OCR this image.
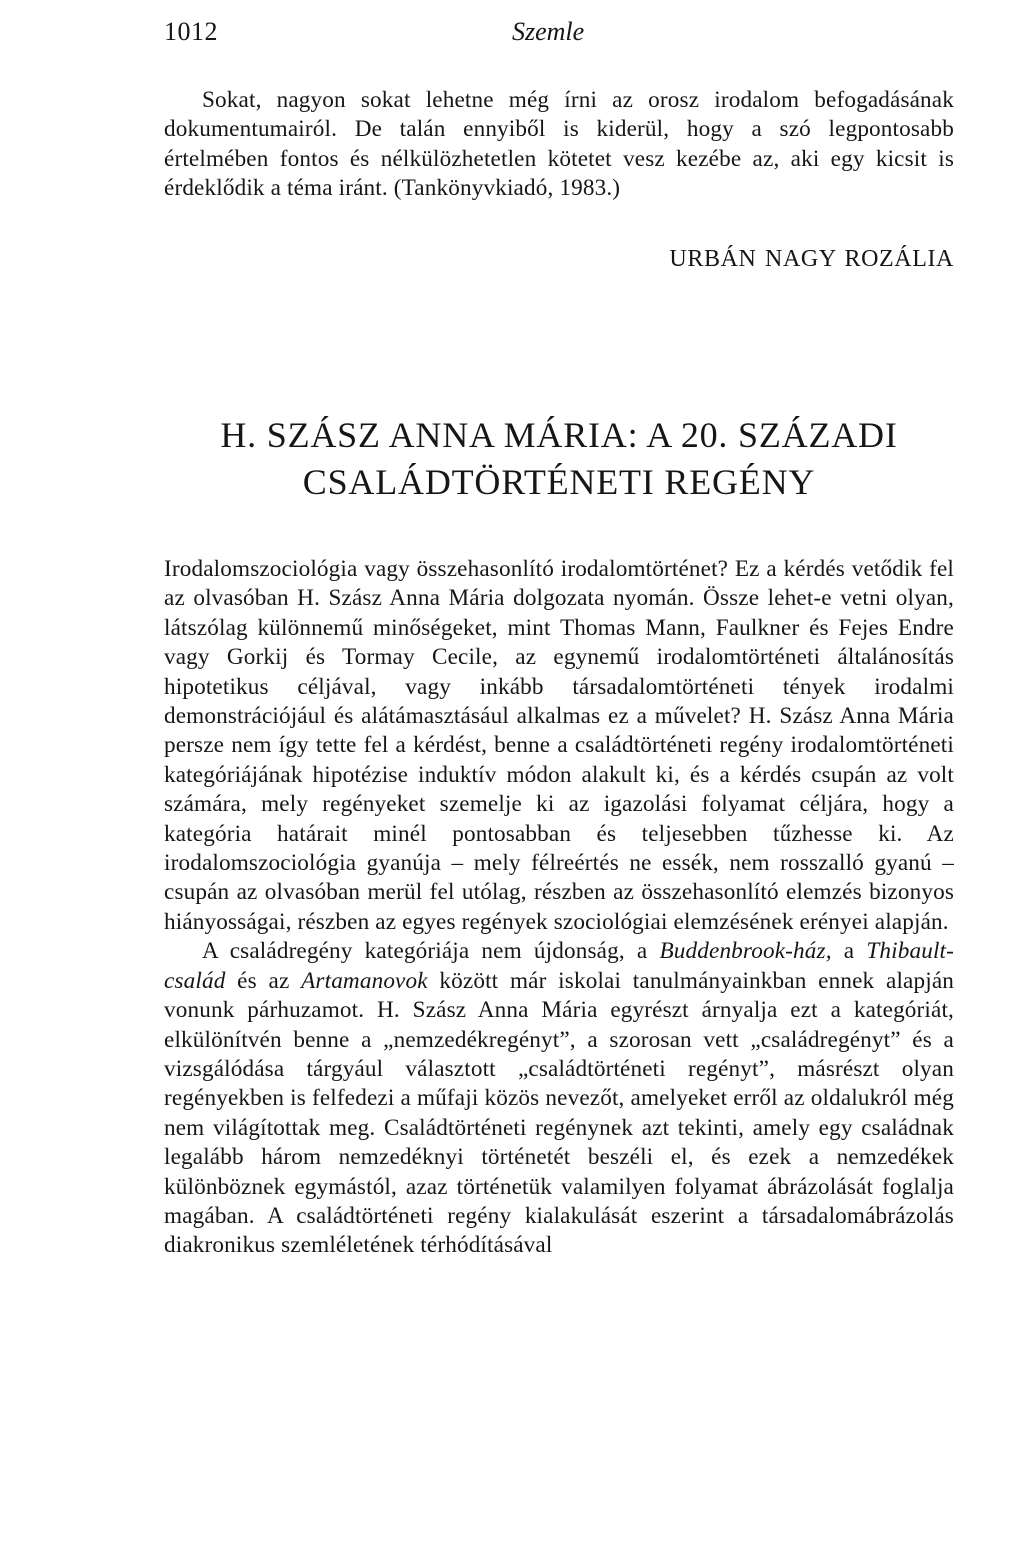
1012	Szemle

Sokat, nagyon sokat lehetne még írni az orosz irodalom befogadásának dokumentumairól. De talán ennyiből is kiderül, hogy a szó legpontosabb értelmében fontos és nélkülözhetetlen kötetet vesz kezébe az, aki egy kicsit is érdeklődik a téma iránt. (Tankönyvkiadó, 1983.)

URBÁN NAGY ROZÁLIA
H. SZÁSZ ANNA MÁRIA: A 20. SZÁZADI
CSALÁDTÖRTÉNETI REGÉNY

Irodalomszociológia vagy összehasonlító irodalomtörténet? Ez a kérdés vetődik fel az olvasóban H. Szász Anna Mária dolgozata nyomán. Össze lehet-e vetni olyan, látszólag különnemű minőségeket, mint Thomas Mann, Faulkner és Fejes Endre vagy Gorkij és Tormay Cecile, az egynemű irodalomtörténeti általánosítás hipotetikus céljával, vagy inkább társadalomtörténeti tények irodalmi demonstrációjául és alátámasztásául alkalmas ez a művelet? H. Szász Anna Mária persze nem így tette fel a kérdést, benne a családtörténeti regény irodalomtörténeti kategóriájának hipotézise induktív módon alakult ki, és a kérdés csupán az volt számára, mely regényeket szemelje ki az igazolási folyamat céljára, hogy a kategória határait minél pontosabban és teljesebben tűzhesse ki. Az irodalomszociológia gyanúja – mely félreértés ne essék, nem rosszalló gyanú – csupán az olvasóban merül fel utólag, részben az összehasonlító elemzés bizonyos hiányosságai, részben az egyes regények szociológiai elemzésének erényei alapján.

A családregény kategóriája nem újdonság, a Buddenbrook-ház, a Thibault-család és az Artamanovok között már iskolai tanulmányainkban ennek alapján vonunk párhuzamot. H. Szász Anna Mária egyrészt árnyalja ezt a kategóriát, elkülönítvén benne a „nemzedékregényt”, a szorosan vett „családregényt” és a vizsgálódása tárgyául választott „családtörténeti regényt”, másrészt olyan regényekben is felfedezi a műfaji közös nevezőt, amelyeket erről az oldalukról még nem világítottak meg. Családtörténeti regénynek azt tekinti, amely egy családnak legalább három nemzedéknyi történetét beszéli el, és ezek a nemzedékek különböznek egymástól, azaz történetük valamilyen folyamat ábrázolását foglalja magában. A családtörténeti regény kialakulását eszerint a társadalomábrázolás diakronikus szemléletének térhódításával
